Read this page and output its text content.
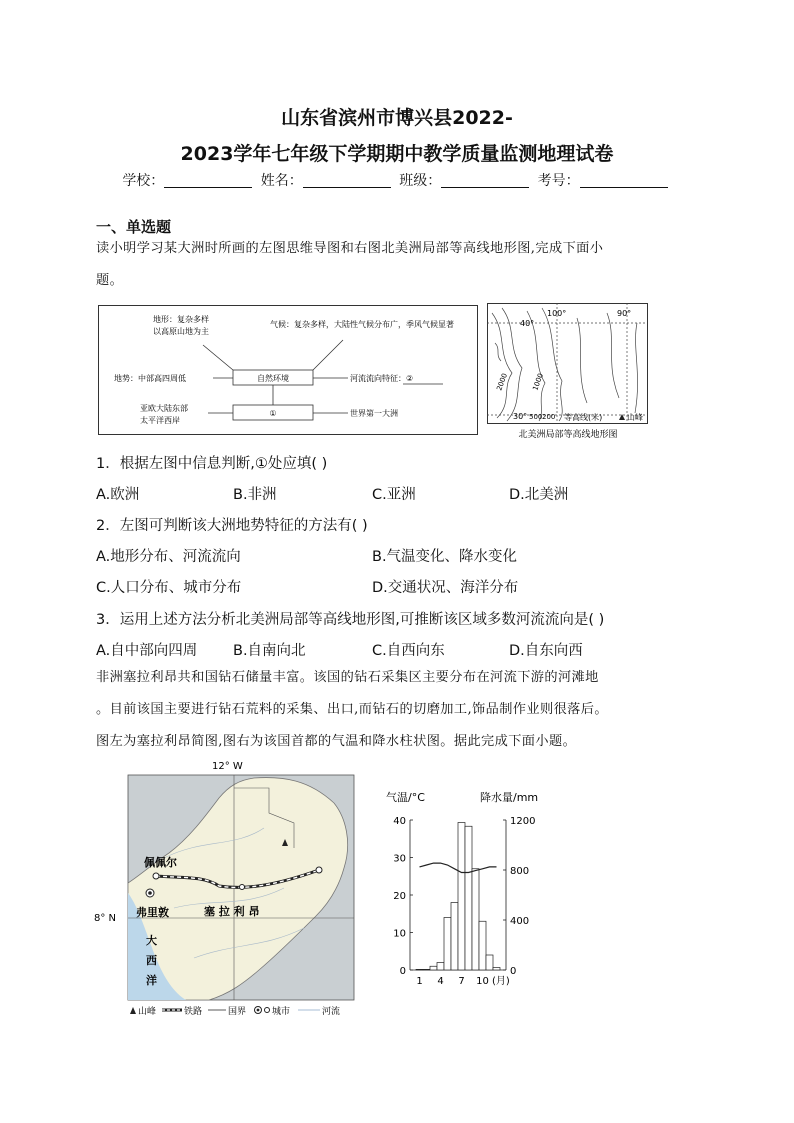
山东省滨州市博兴县2022-
2023学年七年级下学期期中教学质量监测地理试卷
学校：	姓名：	班级：	考号：
一、单选题
读小明学习某大洲时所画的左图思维导图和右图北美洲局部等高线地形图,完成下面小
题。
地形：复杂多样
以高原山地为主
气候：复杂多样，大陆性气候分布广，季风气候显著
地势：中部高四周低	自然环境	河流流向特征：②
亚欧大陆东部
太平洋西岸
①	世界第一大洲
40°
100°	90°
30°
2000	1000
500 200 等高线(米)	山峰
北美洲局部等高线地形图
1．根据左图中信息判断,①处应填( )
A.欧洲	B.非洲	C.亚洲	D.北美洲
2．左图可判断该大洲地势特征的方法有( )
A.地形分布、河流流向	B.气温变化、降水变化
C.人口分布、城市分布	D.交通状况、海洋分布
3．运用上述方法分析北美洲局部等高线地形图,可推断该区域多数河流流向是( )
A.自中部向四周 B.自南向北	C.自西向东	D.自东向西
非洲塞拉利昂共和国钻石储量丰富。该国的钻石采集区主要分布在河流下游的河滩地
。目前该国主要进行钻石荒料的采集、出口,而钻石的切磨加工,饰品制作业则很落后。
图左为塞拉利昂简图,图右为该国首都的气温和降水柱状图。据此完成下面小题。
12° W
8° N
佩佩尔
弗里敦	塞 拉 利 昂
大
西
洋
山峰	铁路	国界	城市	河流
气温/°C	降水量/mm
0
10
20
30
40
0
400
800
1200
1 4 7 10 (月)
